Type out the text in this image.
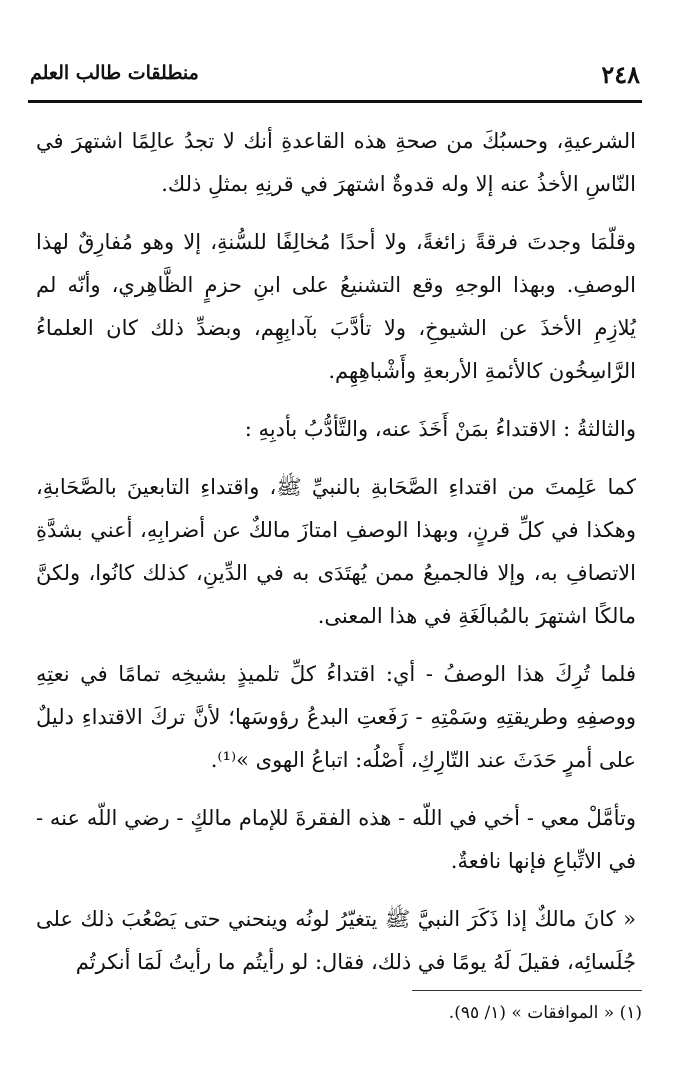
٢٤٨
منطلقات طالب العلم

الشرعيةِ، وحسبُكَ من صحةِ هذه القاعدةِ أنك لا تجدُ عالِمًا اشتهرَ في النّاسِ الأخذُ عنه إلا وله قدوةٌ اشتهرَ في قرنِهِ بمثلِ ذلك.

وقلّمَا وجدتَ فرقةً زائغةً، ولا أحدًا مُخالِفًا للسُّنةِ، إلا وهو مُفارِقٌ لهذا الوصفِ. وبهذا الوجهِ وقع التشنيعُ على ابنِ حزمٍ الظَّاهِري، وأنّه لم يُلازِمِ الأخذَ عن الشيوخِ، ولا تأدَّبَ بآدابِهِم، وبضدِّ ذلك كان العلماءُ الرَّاسِخُون كالأئمةِ الأربعةِ وأَشْباهِهِم.

والثالثةُ : الاقتداءُ بمَنْ أَخَذَ عنه، والتَّأدُّبُ بأدبِهِ :

كما عَلِمتَ من اقتداءِ الصَّحَابةِ بالنبيِّ ﷺ، واقتداءِ التابعينَ بالصَّحَابةِ، وهكذا في كلِّ قرنٍ، وبهذا الوصفِ امتازَ مالكٌ عن أضرابِهِ، أعني بشدَّةِ الاتصافِ به، وإلا فالجميعُ ممن يُهتَدَى به في الدِّينِ، كذلك كانُوا، ولكنَّ مالكًا اشتهرَ بالمُبالَغَةِ في هذا المعنى.

فلما تُرِكَ هذا الوصفُ - أي: اقتداءُ كلِّ تلميذٍ بشيخِه تمامًا في نعتِهِ ووصفِهِ وطريقتِهِ وسَمْتِهِ - رَفَعتِ البدعُ رؤوسَها؛ لأنَّ تركَ الاقتداءِ دليلٌ على أمرٍ حَدَثَ عند التّارِكِ، أَصْلُه: اتباعُ الهوى »⁽¹⁾.

وتأمَّلْ معي - أخي في اللّه - هذه الفقرةَ للإمام مالكٍ - رضي اللّه عنه - في الاتِّباعِ فإنها نافعةٌ.

« كانَ مالكٌ إذا ذَكَرَ النبيَّ ﷺ يتغيّرُ لونُه وينحني حتى يَصْعُبَ ذلك على جُلَسائِه، فقيلَ لَهُ يومًا في ذلك، فقال: لو رأيتُم ما رأيتُ لَمَا أنكرتُم

(١) « الموافقات » (١/ ٩٥).
